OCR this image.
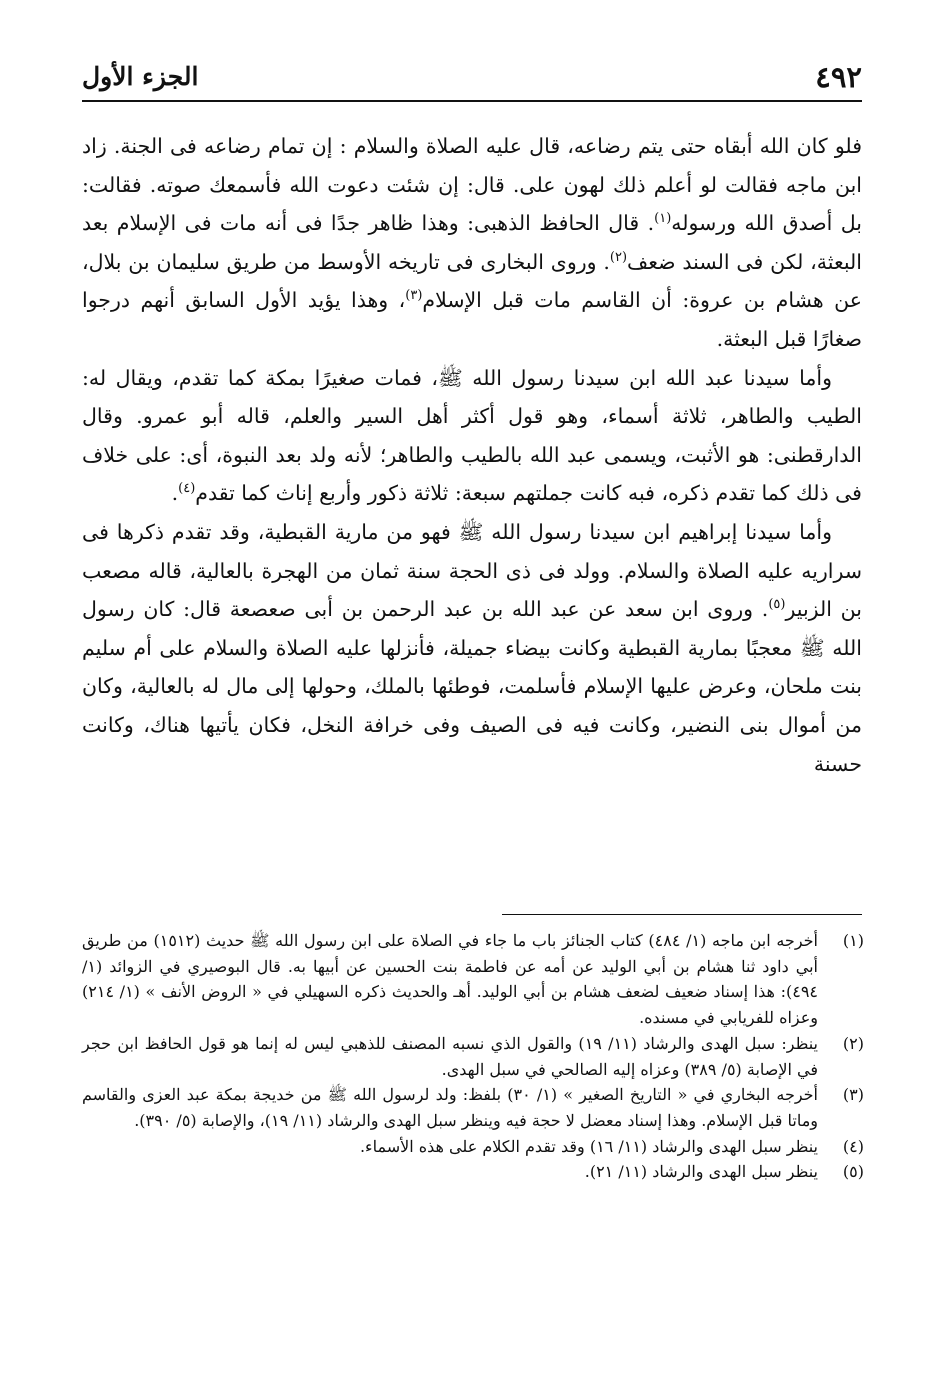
٤٩٢
الجزء الأول

فلو كان الله أبقاه حتى يتم رضاعه، قال عليه الصلاة والسلام : إن تمام رضاعه فى الجنة. زاد ابن ماجه فقالت لو أعلم ذلك لهون على. قال: إن شئت دعوت الله فأسمعك صوته. فقالت: بل أصدق الله ورسوله$^{(١)}$. قال الحافظ الذهبى: وهذا ظاهر جدًا فى أنه مات فى الإسلام بعد البعثة، لكن فى السند ضعف$^{(٢)}$. وروى البخارى فى تاريخه الأوسط من طريق سليمان بن بلال، عن هشام بن عروة: أن القاسم مات قبل الإسلام$^{(٣)}$، وهذا يؤيد الأول السابق أنهم درجوا صغارًا قبل البعثة.

وأما سيدنا عبد الله ابن سيدنا رسول الله ﷺ، فمات صغيرًا بمكة كما تقدم، ويقال له: الطيب والطاهر، ثلاثة أسماء، وهو قول أكثر أهل السير والعلم، قاله أبو عمرو. وقال الدارقطنى: هو الأثبت، ويسمى عبد الله بالطيب والطاهر؛ لأنه ولد بعد النبوة، أى: على خلاف فى ذلك كما تقدم ذكره، فبه كانت جملتهم سبعة: ثلاثة ذكور وأربع إناث كما تقدم$^{(٤)}$.

وأما سيدنا إبراهيم ابن سيدنا رسول الله ﷺ فهو من مارية القبطية، وقد تقدم ذكرها فى سراريه عليه الصلاة والسلام. وولد فى ذى الحجة سنة ثمان من الهجرة بالعالية، قاله مصعب بن الزبير$^{(٥)}$. وروى ابن سعد عن عبد الله بن عبد الرحمن بن أبى صعصعة قال: كان رسول الله ﷺ معجبًا بمارية القبطية وكانت بيضاء جميلة، فأنزلها عليه الصلاة والسلام على أم سليم بنت ملحان، وعرض عليها الإسلام فأسلمت، فوطئها بالملك، وحولها إلى مال له بالعالية، وكان من أموال بنى النضير، وكانت فيه فى الصيف وفى خرافة النخل، فكان يأتيها هناك، وكانت حسنة

(١)
أخرجه ابن ماجه (١/ ٤٨٤) كتاب الجنائز باب ما جاء في الصلاة على ابن رسول الله ﷺ حديث (١٥١٢) من طريق أبي داود ثنا هشام بن أبي الوليد عن أمه عن فاطمة بنت الحسين عن أبيها به. قال البوصيري في الزوائد (١/ ٤٩٤): هذا إسناد ضعيف لضعف هشام بن أبي الوليد. أهـ والحديث ذكره السهيلي في « الروض الأنف » (١/ ٢١٤) وعزاه للفريابي في مسنده.
(٢)
ينظر: سبل الهدى والرشاد (١١/ ١٩) والقول الذي نسبه المصنف للذهبي ليس له إنما هو قول الحافظ ابن حجر في الإصابة (٥/ ٣٨٩) وعزاه إليه الصالحي في سبل الهدى.
(٣)
أخرجه البخاري في « التاريخ الصغير » (١/ ٣٠) بلفظ: ولد لرسول الله ﷺ من خديجة بمكة عبد العزى والقاسم وماتا قبل الإسلام. وهذا إسناد معضل لا حجة فيه وينظر سبل الهدى والرشاد (١١/ ١٩)، والإصابة (٥/ ٣٩٠).
(٤)
ينظر سبل الهدى والرشاد (١١/ ١٦) وقد تقدم الكلام على هذه الأسماء.
(٥)
ينظر سبل الهدى والرشاد (١١/ ٢١).
